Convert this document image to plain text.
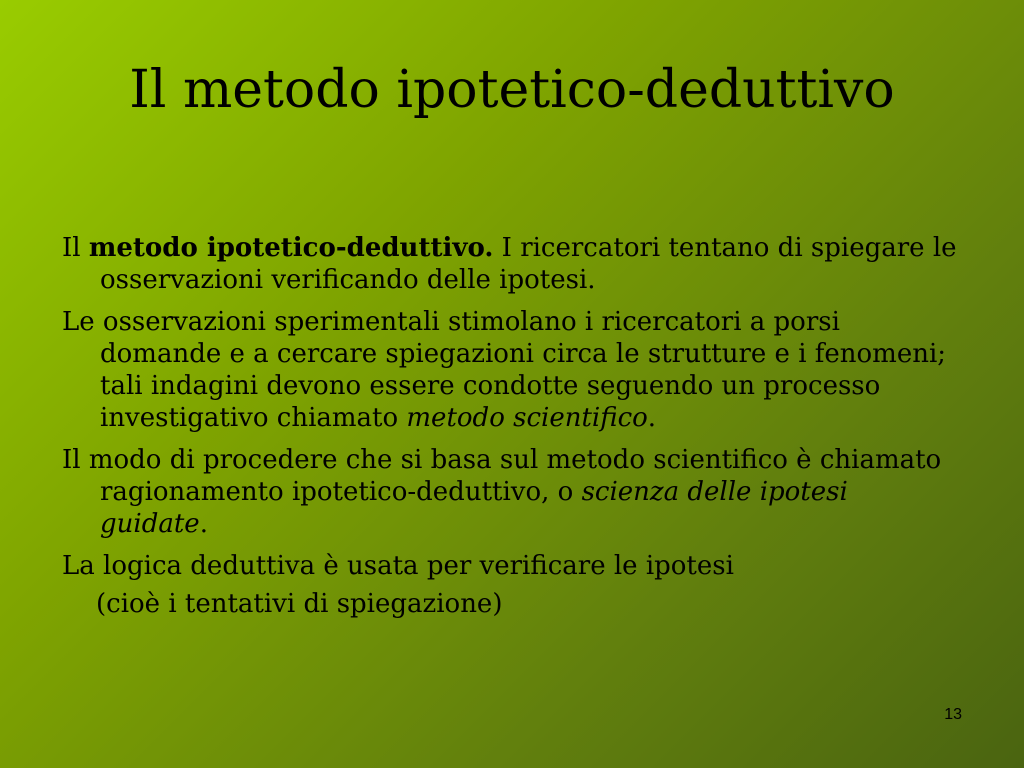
Il metodo ipotetico-deduttivo

Il metodo ipotetico-deduttivo. I ricercatori tentano di spiegare le osservazioni verificando delle ipotesi.

Le osservazioni sperimentali stimolano i ricercatori a porsi domande e a cercare spiegazioni circa le strutture e i fenomeni; tali indagini devono essere condotte seguendo un processo investigativo chiamato metodo scientifico.

Il modo di procedere che si basa sul metodo scientifico è chiamato ragionamento ipotetico-deduttivo, o scienza delle ipotesi guidate.

La logica deduttiva è usata per verificare le ipotesi

(cioè i tentativi di spiegazione)

13
